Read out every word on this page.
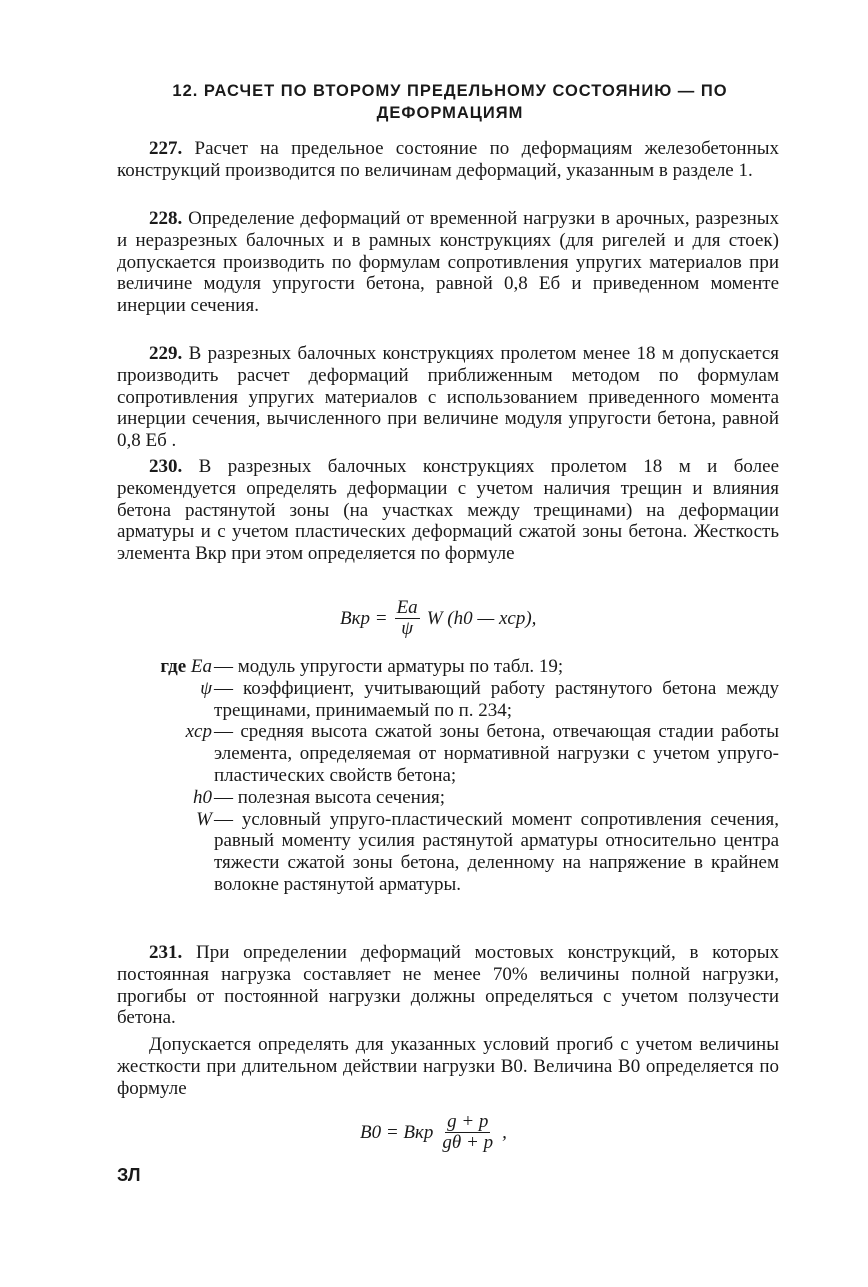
12. РАСЧЕТ ПО ВТОРОМУ ПРЕДЕЛЬНОМУ СОСТОЯНИЮ — ПО
ДЕФОРМАЦИЯМ

227. Расчет на предельное состояние по деформациям железобетонных конструкций производится по величинам деформаций, указанным в разделе 1.

228. Определение деформаций от временной нагрузки в арочных, разрезных и неразрезных балочных и в рамных конструкциях (для ригелей и для стоек) допускается производить по формулам сопротивления упругих материалов при величине модуля упругости бетона, равной 0,8 Eб и приведенном моменте инерции сечения.

229. В разрезных балочных конструкциях пролетом менее 18 м допускается производить расчет деформаций приближенным методом по формулам сопротивления упругих материалов с использованием приведенного момента инерции сечения, вычисленного при величине модуля упругости бетона, равной 0,8 Eб .

230. В разрезных балочных конструкциях пролетом 18 м и более рекомендуется определять деформации с учетом наличия трещин и влияния бетона растянутой зоны (на участках между трещинами) на деформации арматуры и с учетом пластических деформаций сжатой зоны бетона. Жесткость элемента Bкр при этом определяется по формуле

Bкр = $\frac{Eа}{\psi}$ W (h0 — xср),
где Eа — модуль упругости арматуры по табл. 19;
ψ — коэффициент, учитывающий работу растянутого бетона между трещинами, принимаемый по п. 234;
xср — средняя высота сжатой зоны бетона, отвечающая стадии работы элемента, определяемая от нормативной нагрузки с учетом упруго-пластических свойств бетона;
h0 — полезная высота сечения;
W — условный упруго-пластический момент сопротивления сечения, равный моменту усилия растянутой арматуры относительно центра тяжести сжатой зоны бетона, деленному на напряжение в крайнем волокне растянутой арматуры.

231. При определении деформаций мостовых конструкций, в которых постоянная нагрузка составляет не менее 70% величины полной нагрузки, прогибы от постоянной нагрузки должны определяться с учетом ползучести бетона.

Допускается определять для указанных условий прогиб с учетом величины жесткости при длительном действии нагрузки B0. Величина B0 определяется по формуле

B0 = Bкр $\frac{g + p}{g\theta + p}$ ,
ЗЛ
